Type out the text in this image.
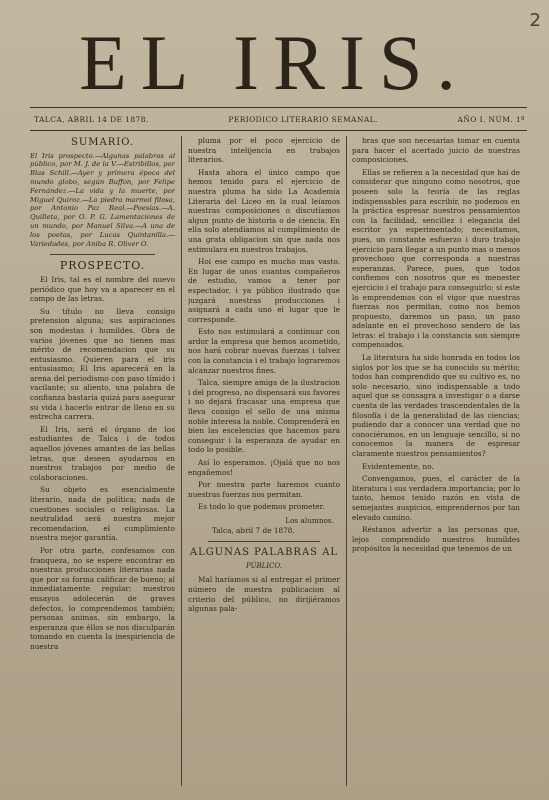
2
EL IRIS.
TALCA, ABRIL 14 DE 1878.	PERIODICO LITERARIO SEMANAL.	AÑO I. NÚM. 1º
SUMARIO.
El Iris prospecto.—Algunas palabras al público, por M. J. de la V.—Estribillos, por Blas Schill.—Ayer y primera época del mundo globo, según Buffon, por Felipe Fernández.—La vida y la muerte, por Miguel Quiroz.—La piedra marmol filosa, por Antonio Paz Real.—Poesías.—A. Quilleta, por O. P. G. Lamentaciones de un mundo, por Manuel Silva.—A una de los poetas, por Lucas Quintanilla.—Variedades, por Aniba R. Oliver O.
PROSPECTO.

El Iris, tal es el nombre del nuevo periódico que hoy va a aparecer en el campo de las letras.

Su título no lleva consigo pretension alguna; sus aspiraciones son modestas i humildes. Obra de varios jóvenes que no tienen mas mérito de recomendacion que su entusiasmo. Quieren para el iris entusiasmo; El Iris aparecerá en la arena del periodismo con paso tímido i vacilante; su aliento, una palabra de confianza bastaría quizá para asegurar su vida i hacerlo entrar de lleno en su estrecha carrera.

El Iris, será el órgano de los estudiantes de Talca i de todos aquellos jóvenes amantes de las bellas letras, que deseen ayudarnos en nuestros trabajos por medio de colaboraciones.

Su objeto es esencialmente literario, nada de política; nada de cuestiones sociales o religiosas. La neutralidad será nuestra mejor recomendacion, el cumplimiento nuestra mejor garantía.

Por otra parte, confesamos con franqueza, no se espere encontrar en nuestras producciones literarias nada que por su forma calificar de bueno; al inmediatamente regular; nuestros ensayos adolecerán de graves defectos, lo comprendemos también; personas animas, sin embargo, la esperanza que éllos se nos disculparán tomando en cuenta la inespiriencia de nuestra

pluma por el poco ejercicio de nuestra intelijencia en trabajos literarios.

Hasta ahora el único campo que hemos tenido para el ejercicio de nuestra pluma ha sido La Academia Literaria del Liceo en la cual leíamos nuestras composiciones o discutíamos algun punto de historia o de ciencia. En ella solo atendíamos al cumplimiento de una grata obligacion sin que nada nos estimulara en nuestros trabajos.

Hoi ese campo es mucho mas vasto. En lugar de unos cuantos compañeros de estudio, vamos a tener por espectador, i ya público ilustrado que juzgará nuestras producciones i asignará a cada uno el lugar que le corresponde.

Esto nos estimulará a continuar con ardor la empresa que hemos acometido, nos hará cobrar nuevas fuerzas i talvez con la constancia i el trabajo lograremos alcanzar nuestros fines.

Talca, siempre amiga de la ilustracion i del progreso, no dispensará sus favores i no dejará fracasar una empresa que lleva consigo el sello de una misma noble interesa la noble. Comprenderá en bien las escelencias que hacemos para conseguir i la esperanza de ayudar en todo lo posible.

Así lo esperamos. ¡Ojalá que no nos engañemos!

Por nuestra parte haremos cuanto nuestras fuerzas nos permitan.

Es todo lo que podemos prometer.

Los alumnos.
Talca, abril 7 de 1878.
ALGUNAS PALABRAS AL
PÚBLICO.

Mal haríamos si al entregar el primer número de nuestra publicacion al criterio del público, no dirijiéramos algunas pala-

bras que son necesarias tomar en cuenta para hacer el acertado juicio de nuestras composiciones.

Ellas se refieren a la necesidad que hai de considerar que ninguno como nosotros, que poseen solo la teoría de las reglas indispensables para escribir, no podemos en la práctica espresar nuestros pensamientos con la facilidad, sencillez i elegancia del escritor ya esperimentado; necesitamos, pues, un constante esfuerzo i duro trabajo ejercicio para llegar a un punto mas o menos provechoso que corresponda a nuestras esperanzas. Parece, pues, que todos confiemos con nosotros que es menester ejercicio i el trabajo para conseguirlo; si este lo emprendemos con el vigor que nuestras fuerzas nos permitan, como nos hemos propuesto, daremos un paso, un paso adelante en el provechoso sendero de las letras: el trabajo i la constancia son siempre compensados.

La literatura ha sido honrada en todos los siglos por los que se ha conocido su mérito; todos han comprendido que su cultivo es, no solo necesario, sino indispensable a todo aquel que se consagra a investigar o a darse cuenta de las verdades trascendentales de la filosofía i de la generalidad de las ciencias; pudiendo dar a conocer una verdad que no conociéramos, en un lenguaje sencillo, si no conocemos la manera de espresar claramente nuestros pensamientos?

Evidentemente, no.

Convengamos, pues, el carácter de la literatura i sus verdadera importancia; por lo tanto, hemos tenido razón en vista de semejantes auspicios, emprendernos por tan elevado camino.

Réstanos advertir a las personas que, lejos comprendido nuestros humildes propósitos la necesidad que tenemos de un
